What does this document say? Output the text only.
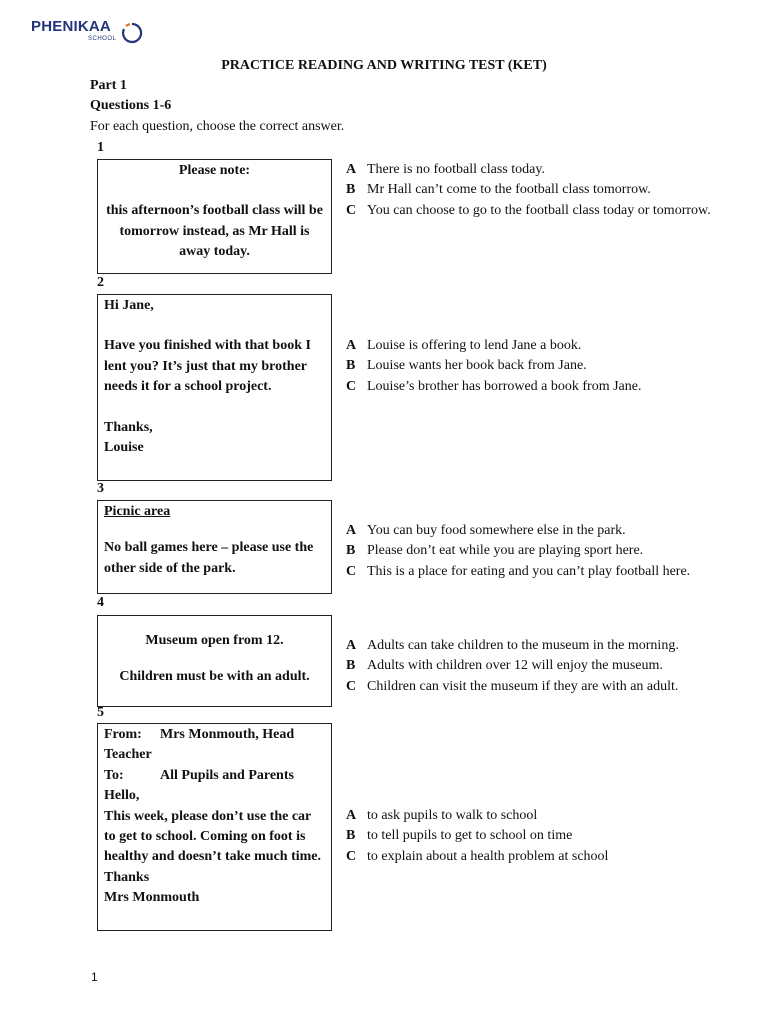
PHENIKAA
SCHOOL
PRACTICE READING AND WRITING TEST (KET)
Part 1
Questions 1-6
For each question, choose the correct answer.
1

Please note:

this afternoon’s football class will be tomorrow instead, as Mr Hall is away today.

A There is no football class today.
B Mr Hall can’t come to the football class tomorrow.
C You can choose to go to the football class today or tomorrow.
2

Hi Jane,

Have you finished with that book I lent you? It’s just that my brother needs it for a school project.

Thanks,

Louise

A Louise is offering to lend Jane a book.
B Louise wants her book back from Jane.
C Louise’s brother has borrowed a book from Jane.
3

Picnic area

No ball games here – please use the other side of the park.

A You can buy food somewhere else in the park.
B Please don’t eat while you are playing sport here.
C This is a place for eating and you can’t play football here.
4

Museum open from 12.

Children must be with an adult.

A Adults can take children to the museum in the morning.
B Adults with children over 12 will enjoy the museum.
C Children can visit the museum if they are with an adult.
5

From: Mrs Monmouth, Head Teacher

To:	All Pupils and Parents

Hello,

This week, please don’t use the car to get to school. Coming on foot is healthy and doesn’t take much time.

Thanks

Mrs Monmouth

A to ask pupils to walk to school
B to tell pupils to get to school on time
C to explain about a health problem at school
1
